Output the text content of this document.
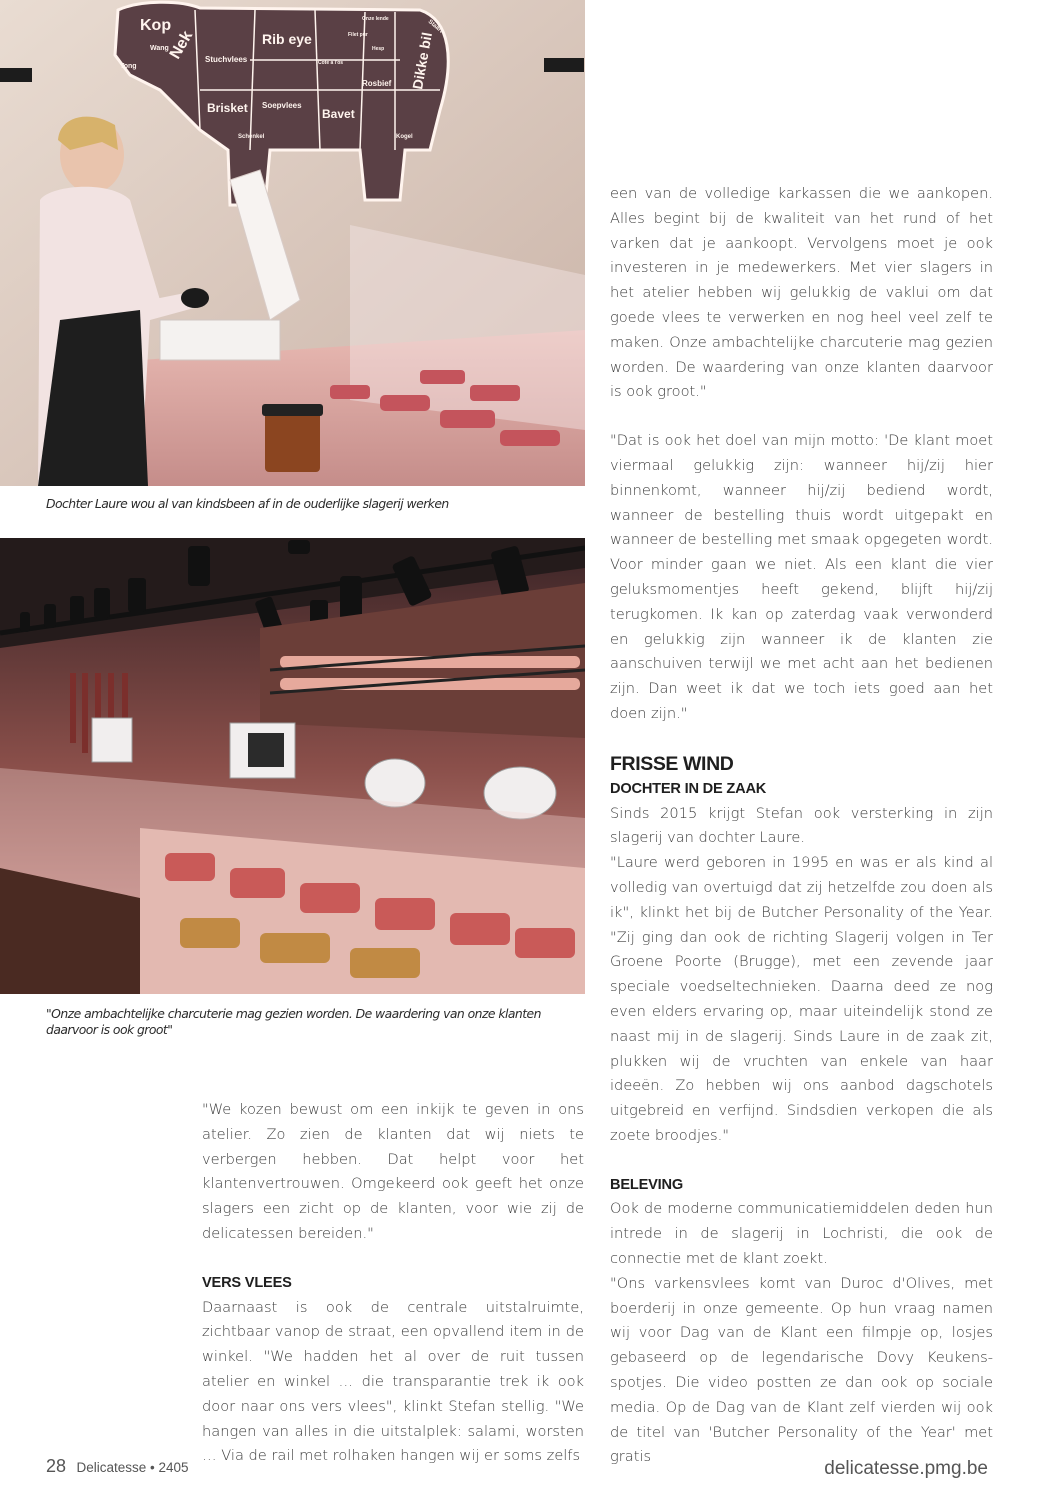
Kop
Nek	Rib eye
Stuchvlees
Wang
Tong
Brisket Soepvlees
Bavet
Rosbief Dikke bil
Cote à l'os
Filet pur
Onze lende
Hesp
Schenkel	Kogel
Staart
Dochter Laure wou al van kindsbeen af in de ouderlijke slagerij werken
"Onze ambachtelijke charcuterie mag gezien worden. De waardering van onze klanten daarvoor is ook groot"

"We kozen bewust om een inkijk te geven in ons atelier. Zo zien de klanten dat wij niets te verbergen hebben. Dat helpt voor het klantenvertrouwen. Omgekeerd ook geeft het onze slagers een zicht op de klanten, voor wie zij de delicatessen bereiden."

VERS VLEES

Daarnaast is ook de centrale uitstalruimte, zichtbaar vanop de straat, een opvallend item in de winkel. "We hadden het al over de ruit tussen atelier en winkel … die transparantie trek ik ook door naar ons vers vlees", klinkt Stefan stellig. "We hangen van alles in die uitstalplek: salami, worsten … Via de rail met rolhaken hangen wij er soms zelfs

een van de volledige karkassen die we aankopen. Alles begint bij de kwaliteit van het rund of het varken dat je aankoopt. Vervolgens moet je ook investeren in je medewerkers. Met vier slagers in het atelier hebben wij gelukkig de vaklui om dat goede vlees te verwerken en nog heel veel zelf te maken. Onze ambachtelijke charcuterie mag gezien worden. De waardering van onze klanten daarvoor is ook groot."

"Dat is ook het doel van mijn motto: 'De klant moet viermaal gelukkig zijn: wanneer hij/zij hier binnenkomt, wanneer hij/zij bediend wordt, wanneer de bestelling thuis wordt uitgepakt en wanneer de bestelling met smaak opgegeten wordt. Voor minder gaan we niet. Als een klant die vier geluksmomentjes heeft gekend, blijft hij/zij terugkomen. Ik kan op zaterdag vaak verwonderd en gelukkig zijn wanneer ik de klanten zie aanschuiven terwijl we met acht aan het bedienen zijn. Dan weet ik dat we toch iets goed aan het doen zijn."

FRISSE WIND

DOCHTER IN DE ZAAK

Sinds 2015 krijgt Stefan ook versterking in zijn slagerij van dochter Laure.

"Laure werd geboren in 1995 en was er als kind al volledig van overtuigd dat zij hetzelfde zou doen als ik", klinkt het bij de Butcher Personality of the Year. "Zij ging dan ook de richting Slagerij volgen in Ter Groene Poorte (Brugge), met een zevende jaar speciale voedseltechnieken. Daarna deed ze nog even elders ervaring op, maar uiteindelijk stond ze naast mij in de slagerij. Sinds Laure in de zaak zit, plukken wij de vruchten van enkele van haar ideeën. Zo hebben wij ons aanbod dagschotels uitgebreid en verfijnd. Sindsdien verkopen die als zoete broodjes."

BELEVING

Ook de moderne communicatiemiddelen deden hun intrede in de slagerij in Lochristi, die ook de connectie met de klant zoekt.

"Ons varkensvlees komt van Duroc d'Olives, met boerderij in onze gemeente. Op hun vraag namen wij voor Dag van de Klant een filmpje op, losjes gebaseerd op de legendarische Dovy Keukens-spotjes. Die video postten ze dan ook op sociale media. Op de Dag van de Klant zelf vierden wij ook de titel van 'Butcher Personality of the Year' met gratis

28 Delicatesse • 2405	delicatesse.pmg.be
